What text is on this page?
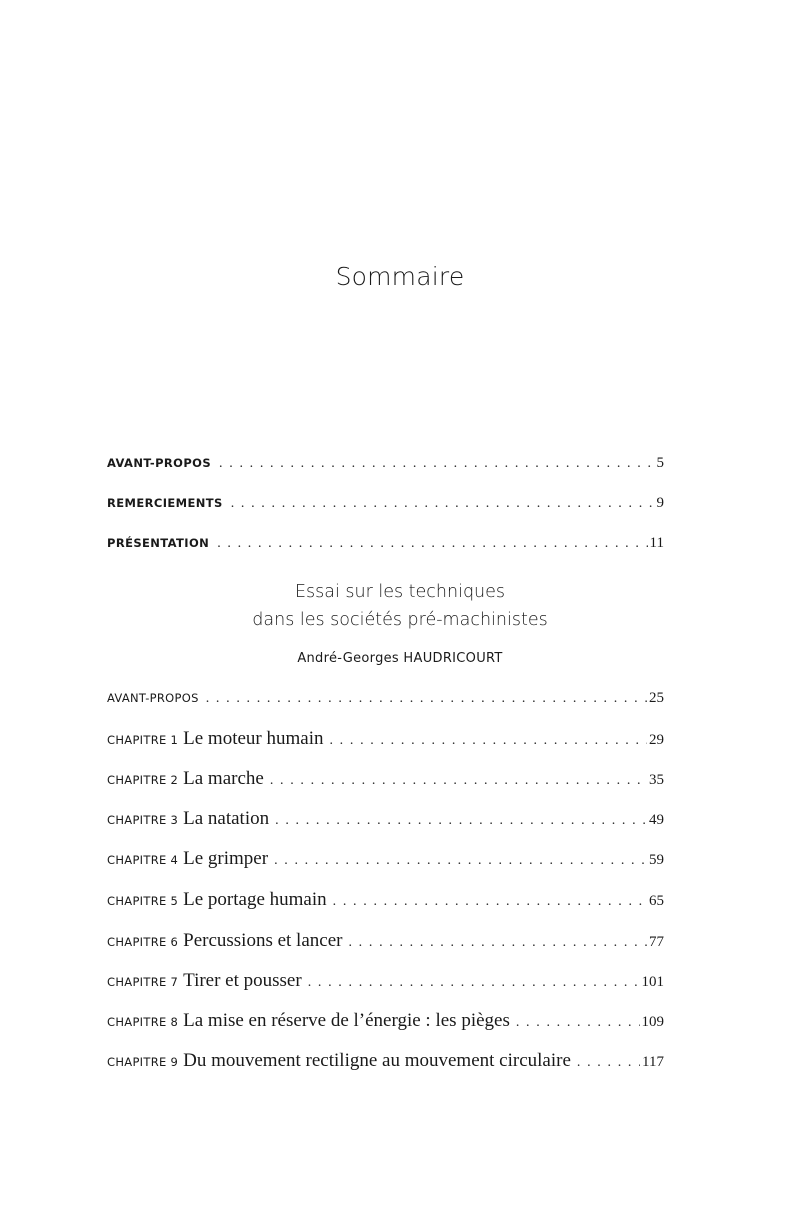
Sommaire
AVANT-PROPOS . . .	5
REMERCIEMENTS . . .	9
PRÉSENTATION . . .	11
Essai sur les techniques
dans les sociétés pré-machinistes
André-Georges HAUDRICOURT
AVANT-PROPOS . . .	25
CHAPITRE 1 Le moteur humain . . .	29
CHAPITRE 2 La marche . . .	35
CHAPITRE 3 La natation . . .	49
CHAPITRE 4 Le grimper . . .	59
CHAPITRE 5 Le portage humain . . .	65
CHAPITRE 6 Percussions et lancer . . .	77
CHAPITRE 7 Tirer et pousser . . .	101
CHAPITRE 8 La mise en réserve de l’énergie : les pièges . . .	109
CHAPITRE 9 Du mouvement rectiligne au mouvement circulaire . . .	117
